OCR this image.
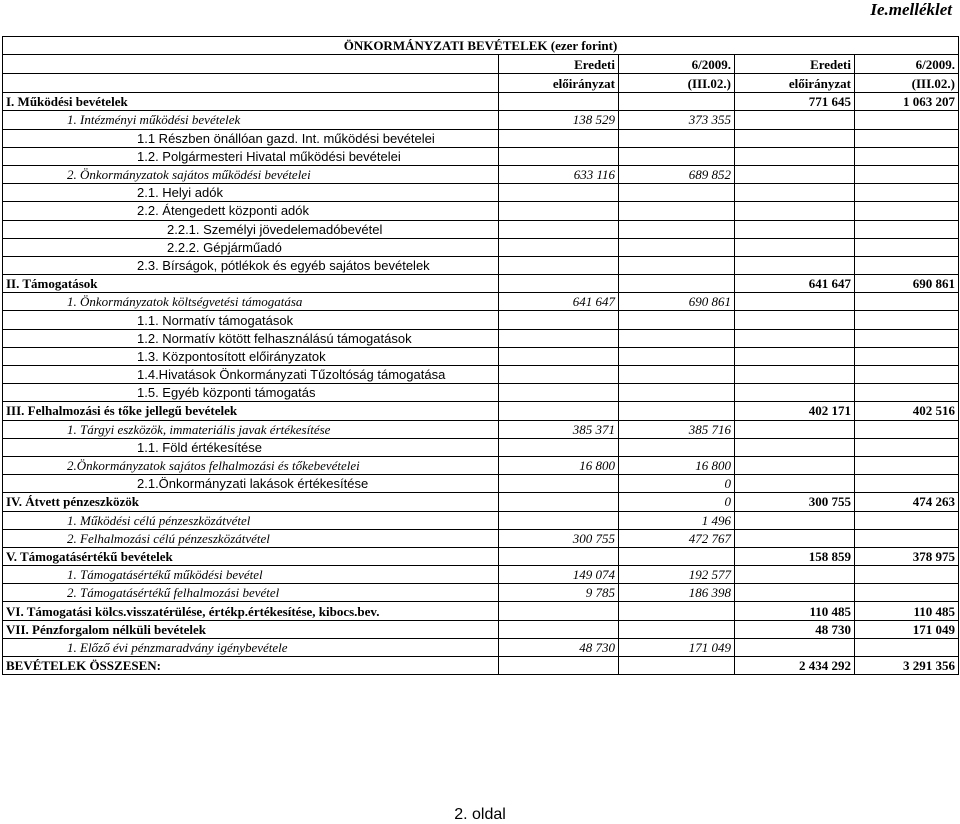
Ie.melléklet
ÖNKORMÁNYZATI BEVÉTELEK (ezer forint)					
		Eredeti	6/2009.	Eredeti	6/2009.
		előirányzat	(III.02.)	előirányzat	(III.02.)
I. Működési bevételek				771 645	1 063 207
1. Intézményi működési bevételek		138 529	373 355		
1.1 Részben önállóan gazd. Int. működési bevételei					
1.2. Polgármesteri Hivatal működési bevételei					
2. Önkormányzatok sajátos működési bevételei		633 116	689 852		
2.1. Helyi adók					
2.2. Átengedett központi adók					
2.2.1. Személyi jövedelemadóbevétel					
2.2.2. Gépjárműadó					
2.3. Bírságok, pótlékok és egyéb sajátos bevételek					
II. Támogatások				641 647	690 861
1. Önkormányzatok költségvetési támogatása		641 647	690 861		
1.1. Normatív támogatások					
1.2. Normatív kötött felhasználású támogatások					
1.3. Központosított előirányzatok					
1.4.Hivatások Önkormányzati Tűzoltóság támogatása					
1.5. Egyéb központi támogatás					
III. Felhalmozási és tőke jellegű bevételek				402 171	402 516
1. Tárgyi eszközök, immateriális javak értékesítése		385 371	385 716		
1.1. Föld értékesítése					
2.Önkormányzatok sajátos felhalmozási és tőkebevételei		16 800	16 800		
2.1.Önkormányzati lakások értékesítése			0		
IV. Átvett pénzeszközök			0	300 755	474 263
1. Működési célú pénzeszközátvétel			1 496		
2. Felhalmozási célú pénzeszközátvétel		300 755	472 767		
V. Támogatásértékű bevételek				158 859	378 975
1. Támogatásértékű működési bevétel		149 074	192 577		
2. Támogatásértékű felhalmozási bevétel		9 785	186 398		
VI. Támogatási kölcs.visszatérülése, értékp.értékesítése, kibocs.bev.				110 485	110 485
VII. Pénzforgalom nélküli bevételek				48 730	171 049
1. Előző évi pénzmaradvány igénybevétele		48 730	171 049		
BEVÉTELEK ÖSSZESEN:				2 434 292	3 291 356
2. oldal
